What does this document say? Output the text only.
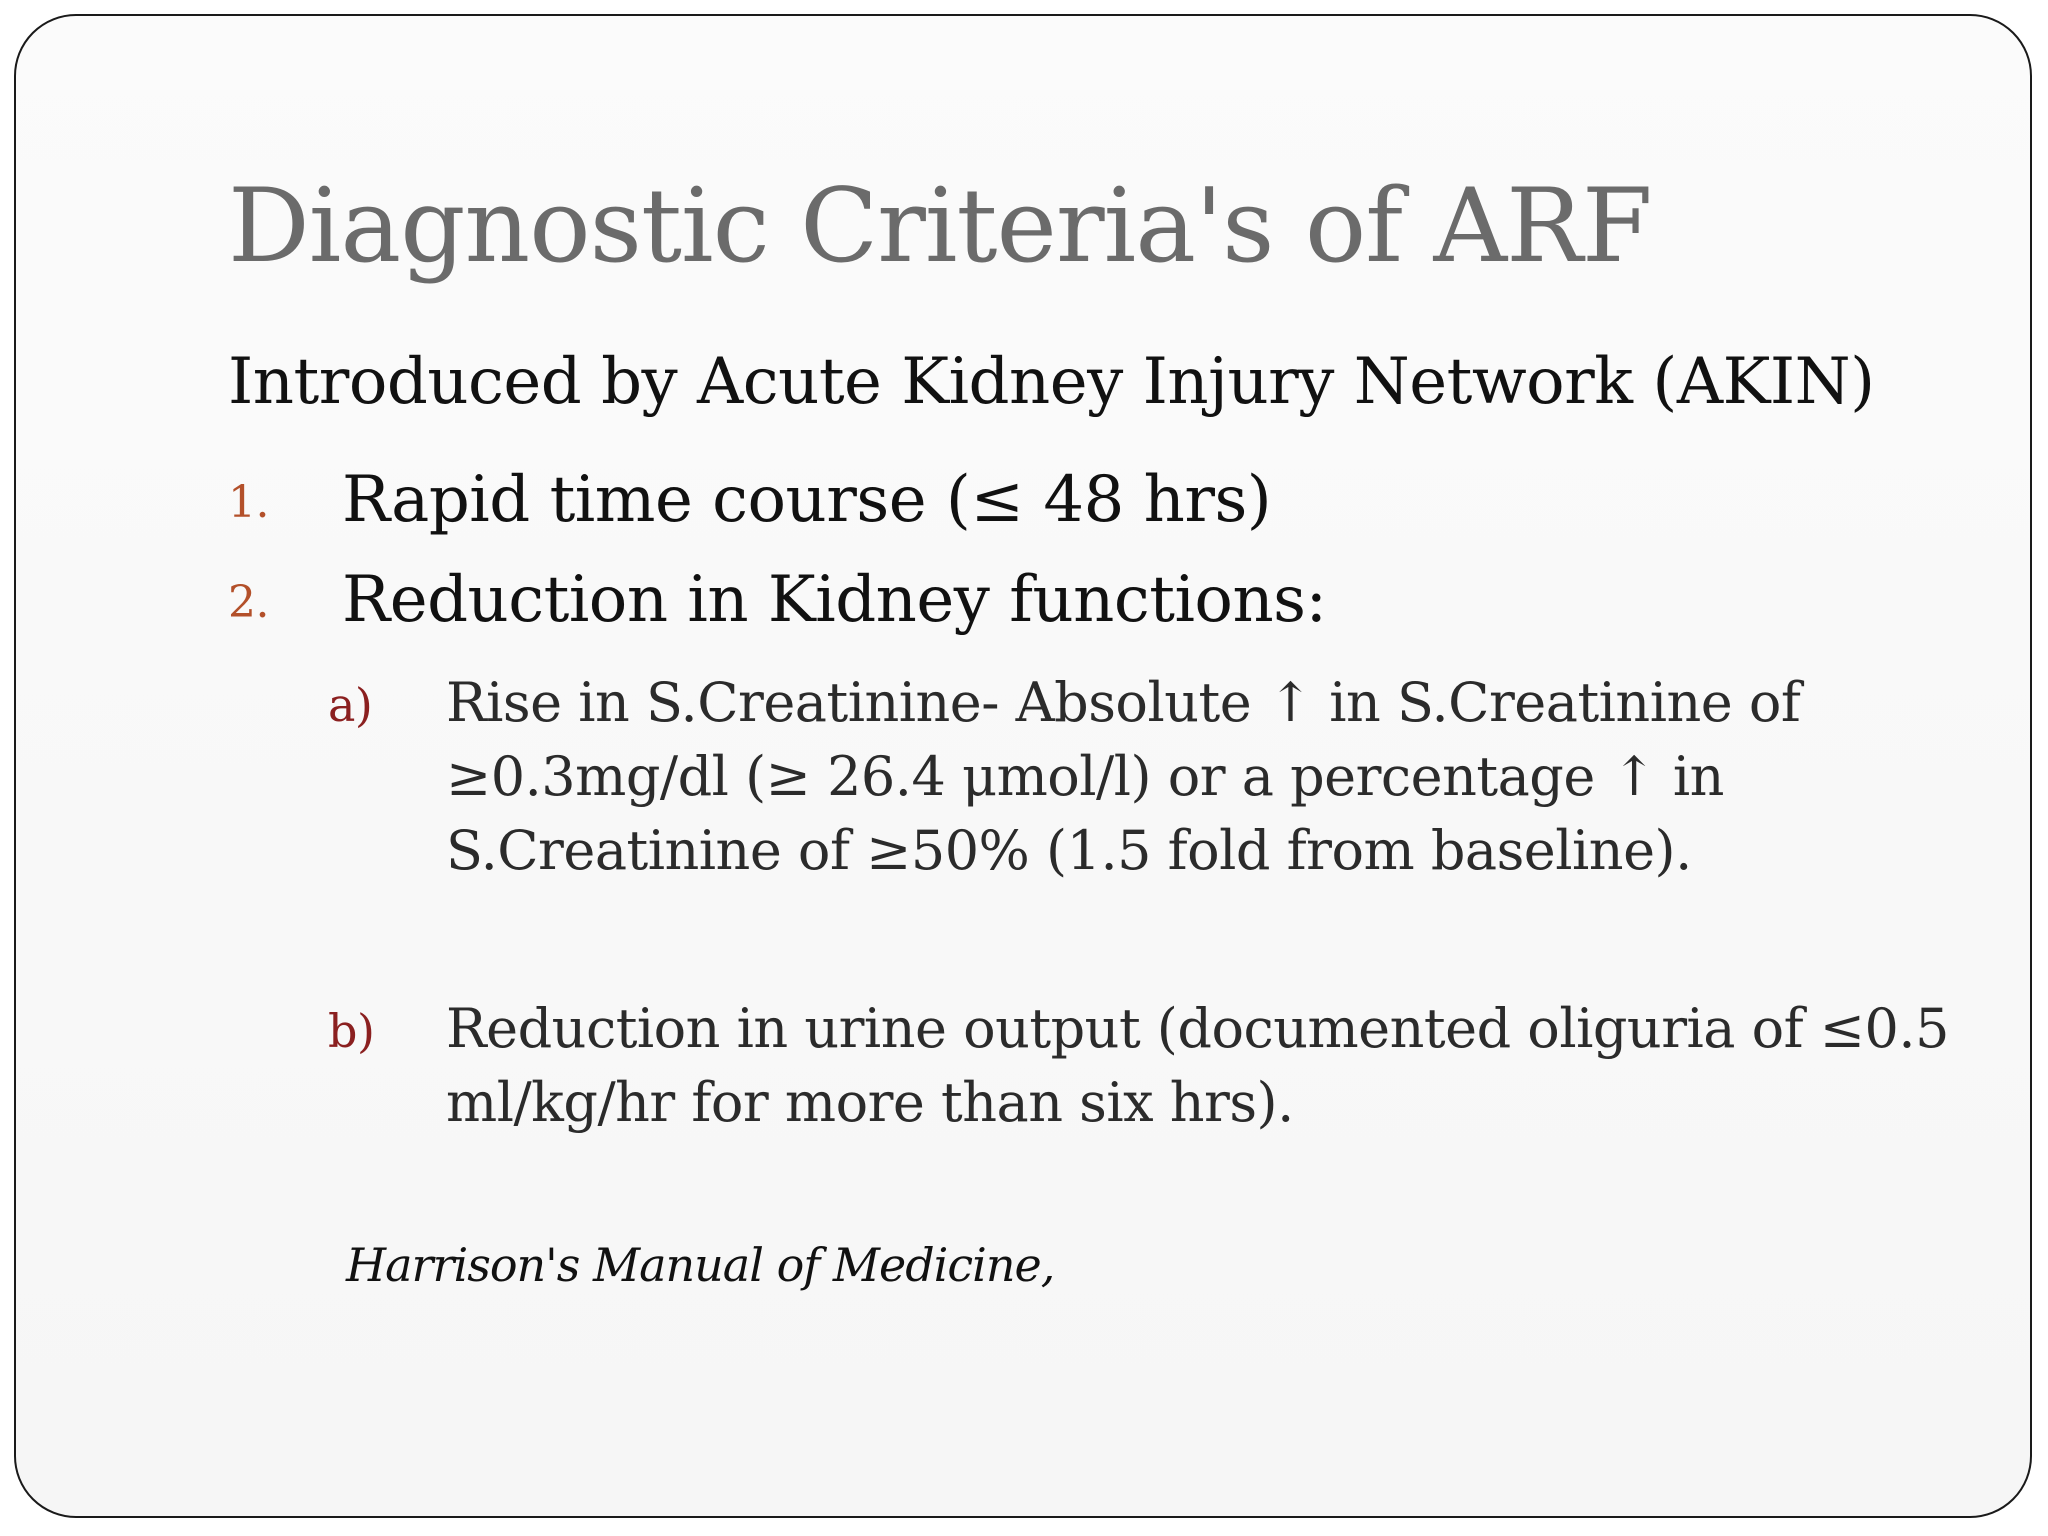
Diagnostic Criteria's of ARF
Introduced by Acute Kidney Injury Network (AKIN)
1. Rapid time course (≤ 48 hrs)
2. Reduction in Kidney functions:
a) Rise in S.Creatinine- Absolute ↑ in S.Creatinine of
≥0.3mg/dl (≥ 26.4 μmol/l) or a percentage ↑ in
S.Creatinine of ≥50% (1.5 fold from baseline).
b) Reduction in urine output (documented oliguria of ≤0.5
ml/kg/hr for more than six hrs).
Harrison's Manual of Medicine,
